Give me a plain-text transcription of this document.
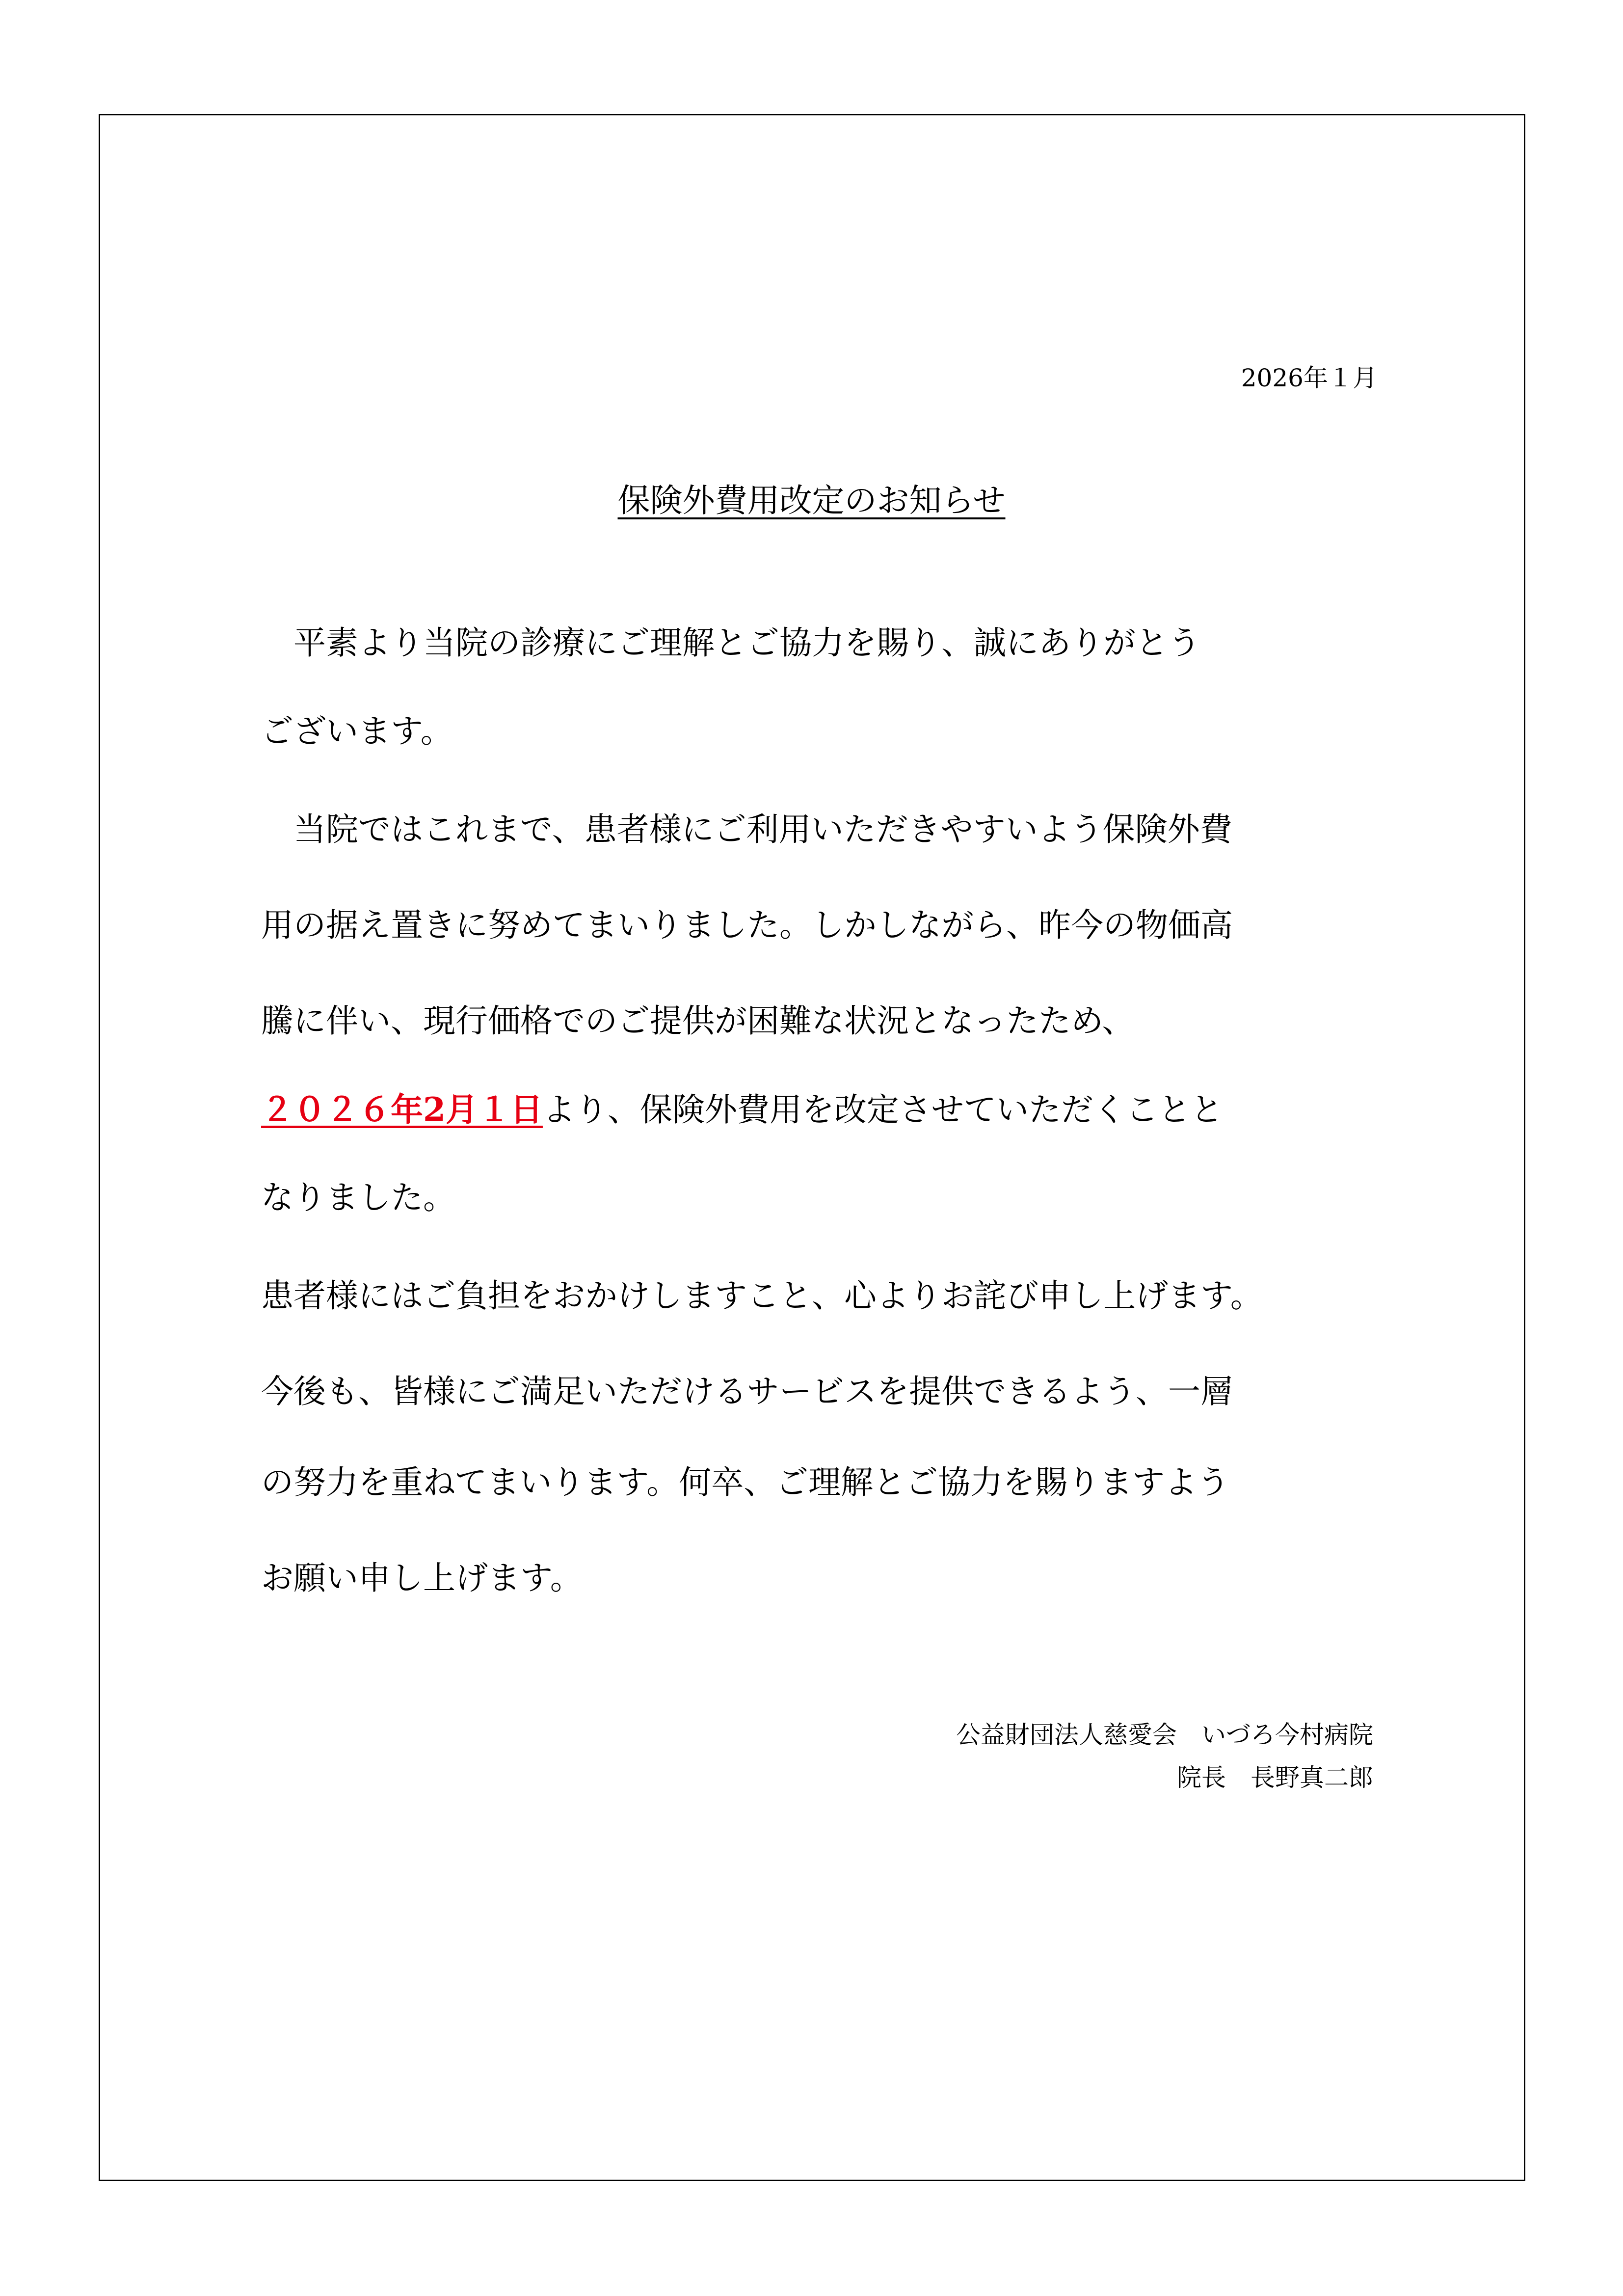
2026年１月
保険外費用改定のお知らせ
　平素より当院の診療にご理解とご協力を賜り、誠にありがとう
ございます。
　当院ではこれまで、患者様にご利用いただきやすいよう保険外費
用の据え置きに努めてまいりました。しかしながら、昨今の物価高
騰に伴い、現行価格でのご提供が困難な状況となったため、
２０２６年2月１日より、保険外費用を改定させていただくことと
なりました。
患者様にはご負担をおかけしますこと、心よりお詫び申し上げます。
今後も、皆様にご満足いただけるサービスを提供できるよう、一層
の努力を重ねてまいります。何卒、ご理解とご協力を賜りますよう
お願い申し上げます。
公益財団法人慈愛会　いづろ今村病院
院長　長野真二郎
